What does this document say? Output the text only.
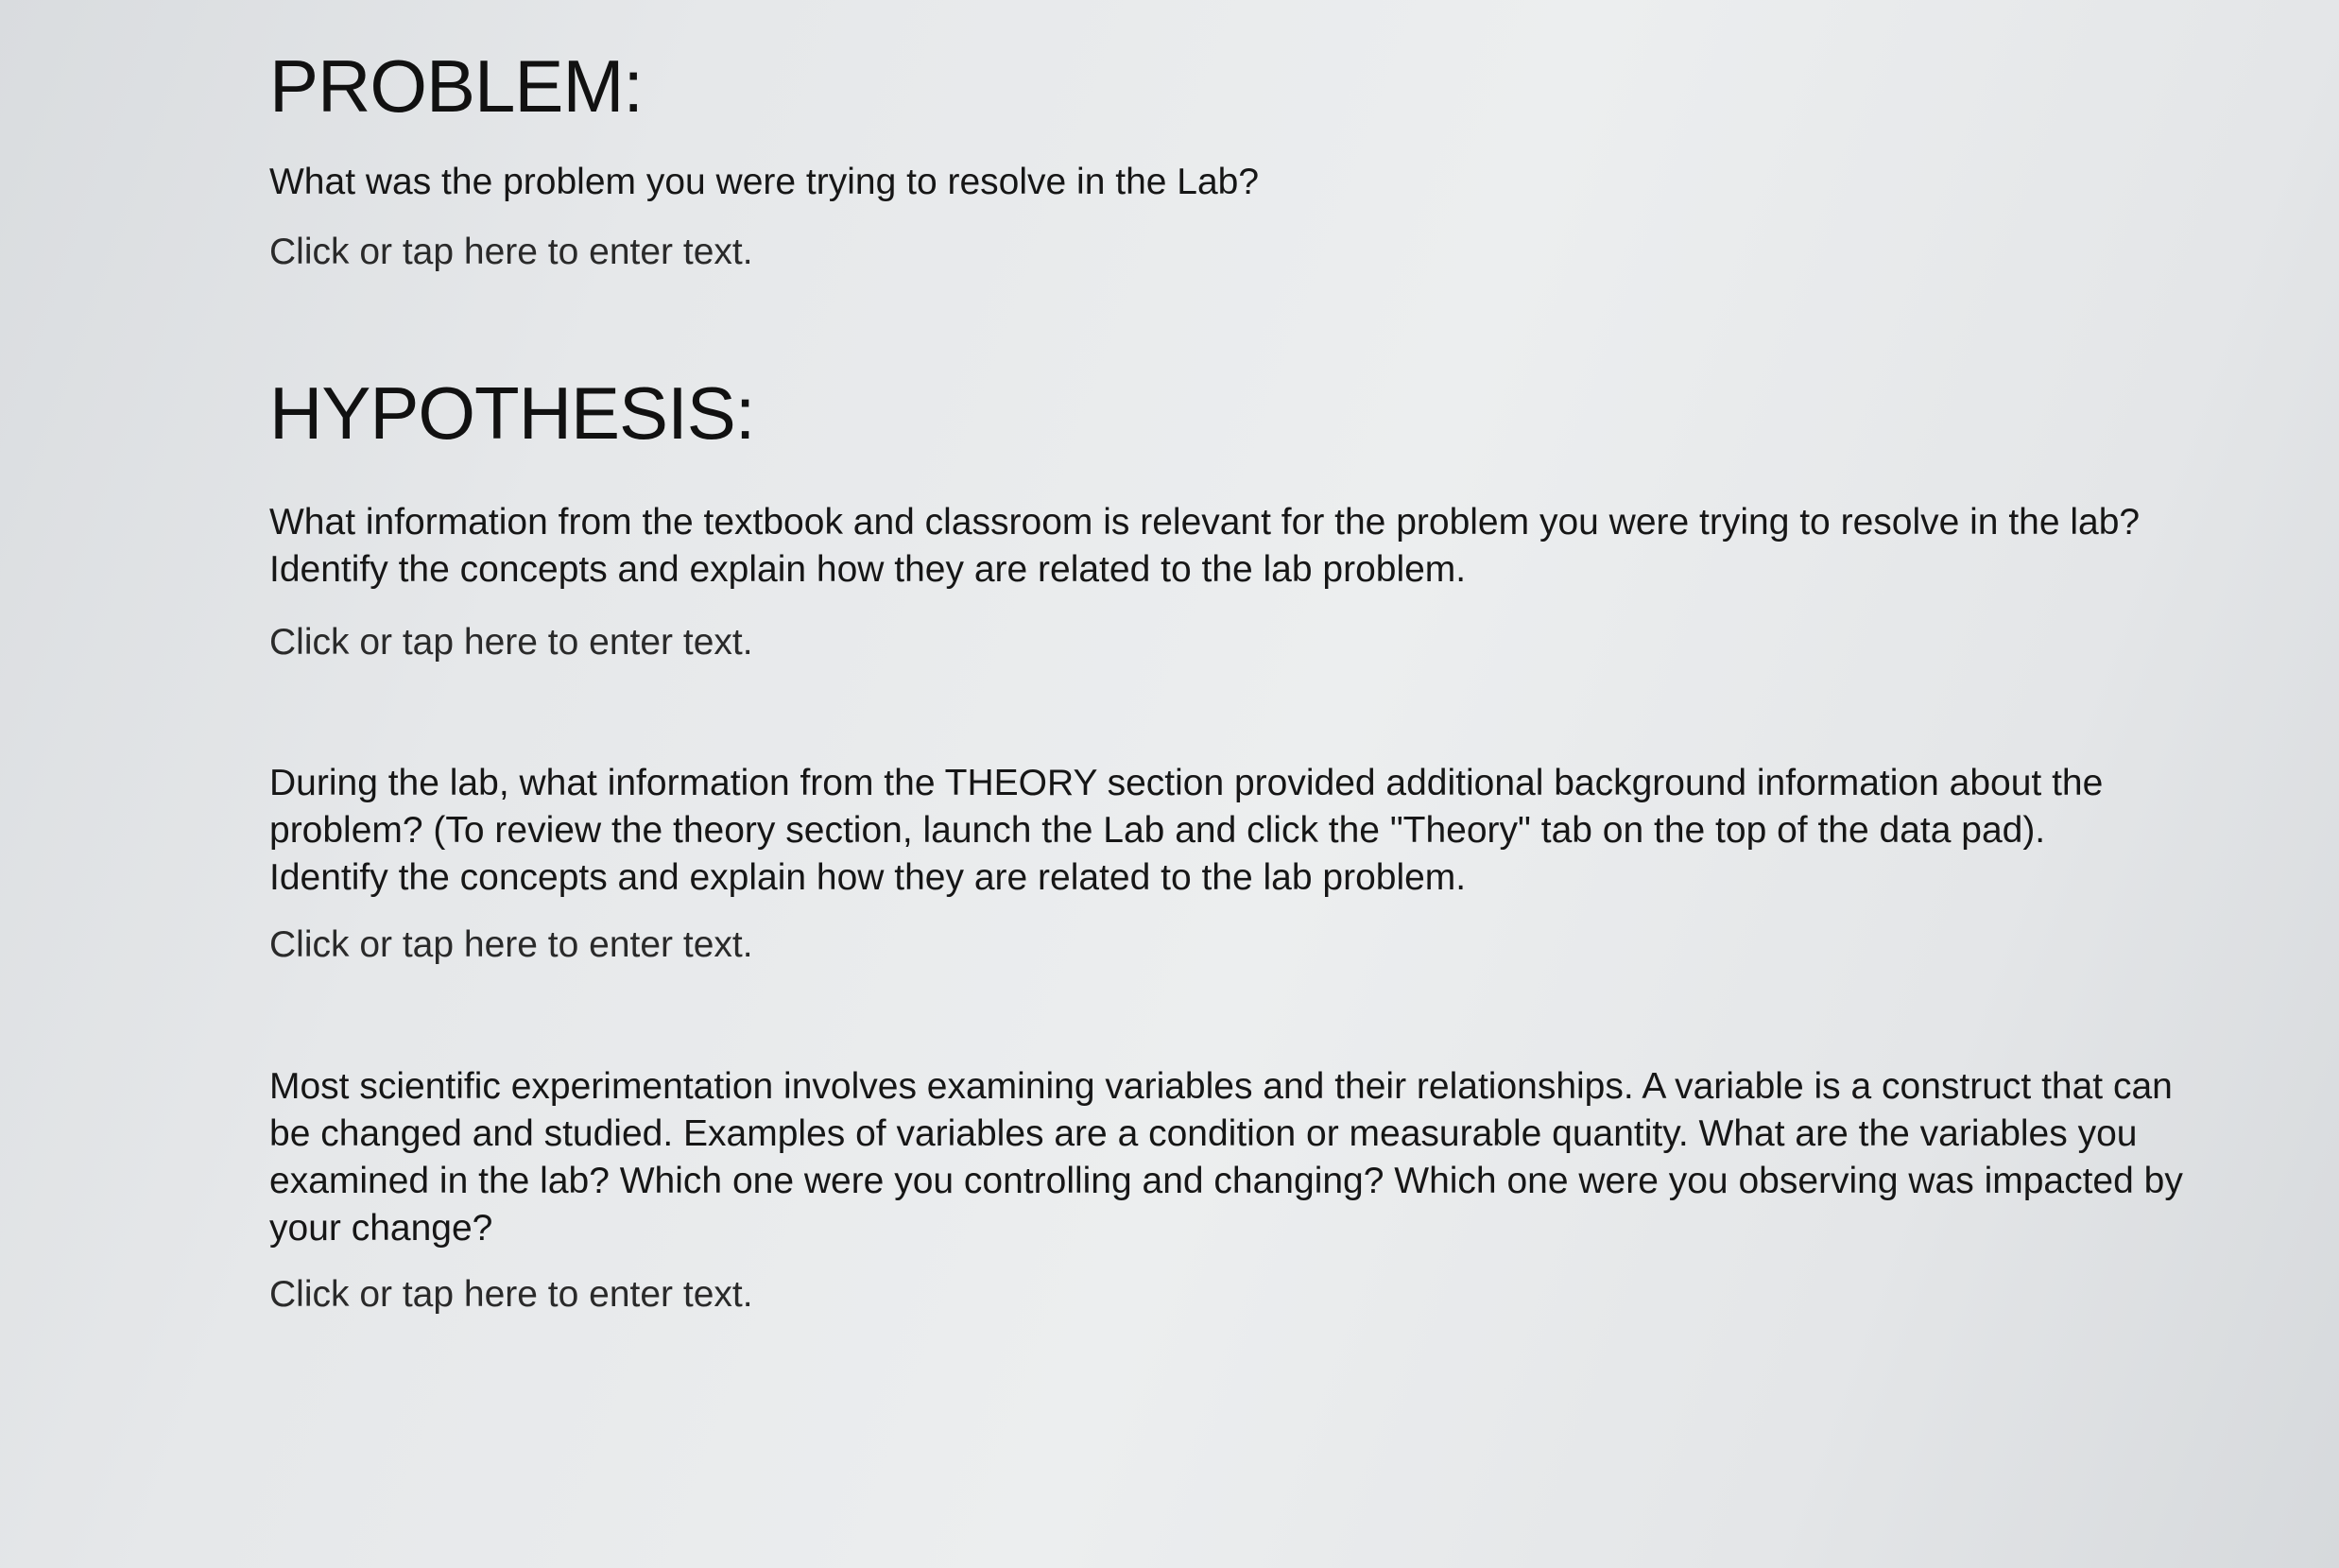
PROBLEM:

What was the problem you were trying to resolve in the Lab?

Click or tap here to enter text.

HYPOTHESIS:

What information from the textbook and classroom is relevant for the problem you were trying to resolve in the lab? Identify the concepts and explain how they are related to the lab problem.

Click or tap here to enter text.

During the lab, what information from the THEORY section provided additional background information about the problem? (To review the theory section, launch the Lab and click the "Theory" tab on the top of the data pad). Identify the concepts and explain how they are related to the lab problem.

Click or tap here to enter text.

Most scientific experimentation involves examining variables and their relationships. A variable is a construct that can be changed and studied. Examples of variables are a condition or measurable quantity. What are the variables you examined in the lab? Which one were you controlling and changing? Which one were you observing was impacted by your change?

Click or tap here to enter text.
